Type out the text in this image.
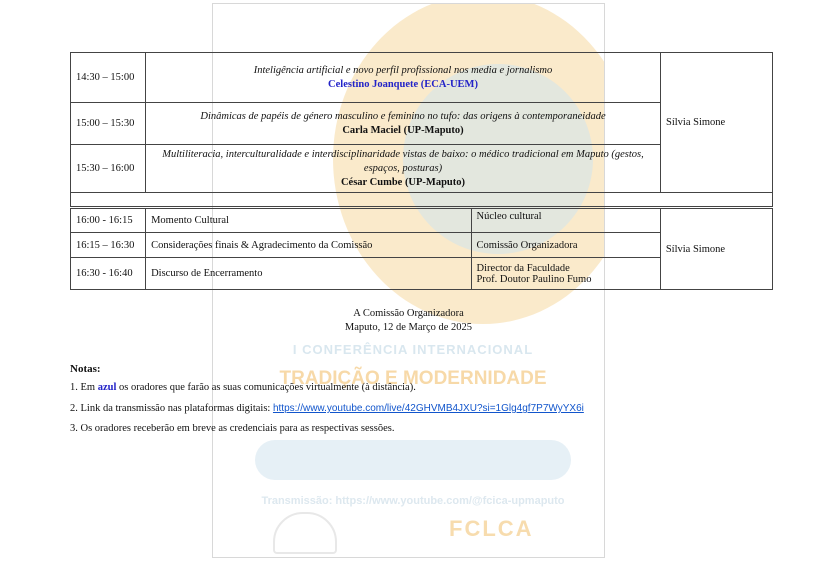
I CONFERÊNCIA INTERNACIONAL
TRADIÇÃO E MODERNIDADE
Transmissão: https://www.youtube.com/@fcica-upmaputo
FCLCA
14:30 – 15:00	Inteligência artificial e novo perfil profissional nos media e jornalismo
Celestino Joanquete (ECA-UEM)	Sílvia Simone
15:00 – 15:30	Dinâmicas de papéis de género masculino e feminino no tufo: das origens à contemporaneidade
Carla Maciel (UP-Maputo)	

15:30 – 16:00	Multiliteracia, interculturalidade e interdisciplinaridade vistas de baixo: o médico tradicional em Maputo (gestos, espaços, posturas)
César Cumbe (UP-Maputo)	

16:00 - 16:15	Momento Cultural	Núcleo cultural	Sílvia Simone
16:15 – 16:30	Considerações finais & Agradecimento da Comissão	Comissão Organizadora	
16:30 - 16:40	Discurso de Encerramento	Director da Faculdade
Prof. Doutor Paulino Fumo	
A Comissão Organizadora
Maputo, 12 de Março de 2025
Notas:
1. Em azul os oradores que farão as suas comunicações virtualmente (à distância).
2. Link da transmissão nas plataformas digitais: https://www.youtube.com/live/42GHVMB4JXU?si=1Glg4gf7P7WyYX6i
3. Os oradores receberão em breve as credenciais para as respectivas sessões.
